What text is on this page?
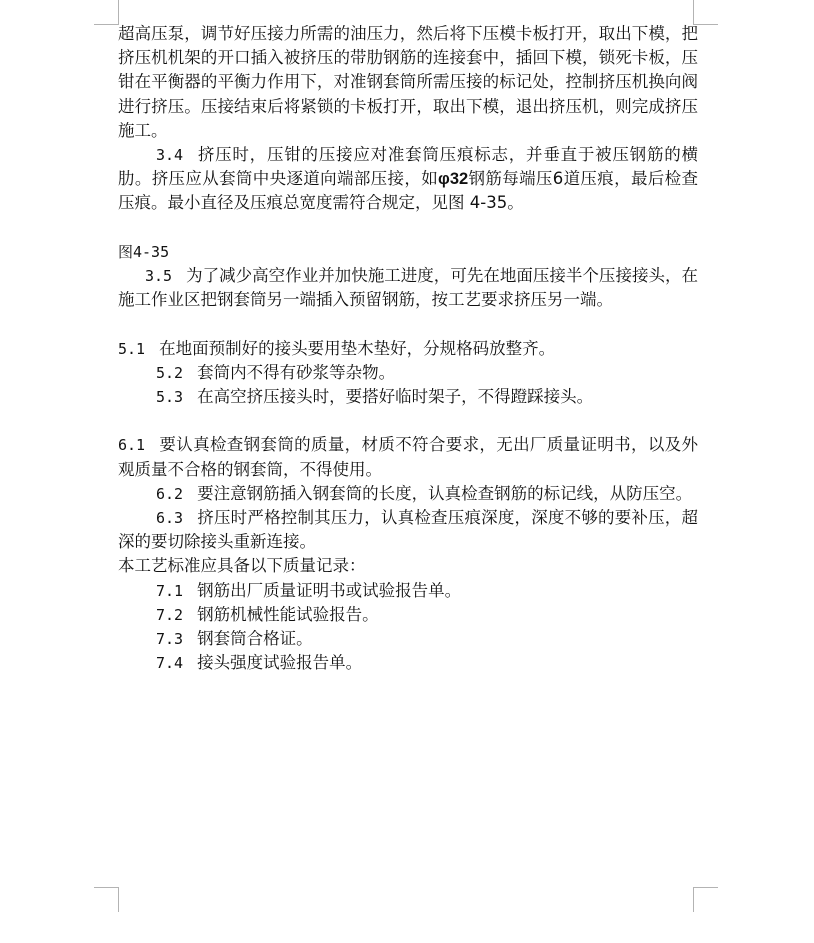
超高压泵，调节好压接力所需的油压力，然后将下压模卡板打开，取出下模，把挤压机机架的开口插入被挤压的带肋钢筋的连接套中，插回下模，锁死卡板，压钳在平衡器的平衡力作用下，对准钢套筒所需压接的标记处，控制挤压机换向阀进行挤压。压接结束后将紧锁的卡板打开，取出下模，退出挤压机，则完成挤压施工。

3.4 挤压时，压钳的压接应对准套筒压痕标志，并垂直于被压钢筋的横肋。挤压应从套筒中央逐道向端部压接，如φ32钢筋每端压6道压痕，最后检查压痕。最小直径及压痕总宽度需符合规定，见图 4-35。

图4-35

3.5 为了减少高空作业并加快施工进度，可先在地面压接半个压接接头，在施工作业区把钢套筒另一端插入预留钢筋，按工艺要求挤压另一端。

5.1 在地面预制好的接头要用垫木垫好，分规格码放整齐。

5.2 套筒内不得有砂浆等杂物。

5.3 在高空挤压接头时，要搭好临时架子，不得蹬踩接头。

6.1 要认真检查钢套筒的质量，材质不符合要求，无出厂质量证明书，以及外观质量不合格的钢套筒，不得使用。

6.2 要注意钢筋插入钢套筒的长度，认真检查钢筋的标记线，从防压空。

6.3 挤压时严格控制其压力，认真检查压痕深度，深度不够的要补压，超深的要切除接头重新连接。

本工艺标准应具备以下质量记录：

7.1 钢筋出厂质量证明书或试验报告单。

7.2 钢筋机械性能试验报告。

7.3 钢套筒合格证。

7.4 接头强度试验报告单。
